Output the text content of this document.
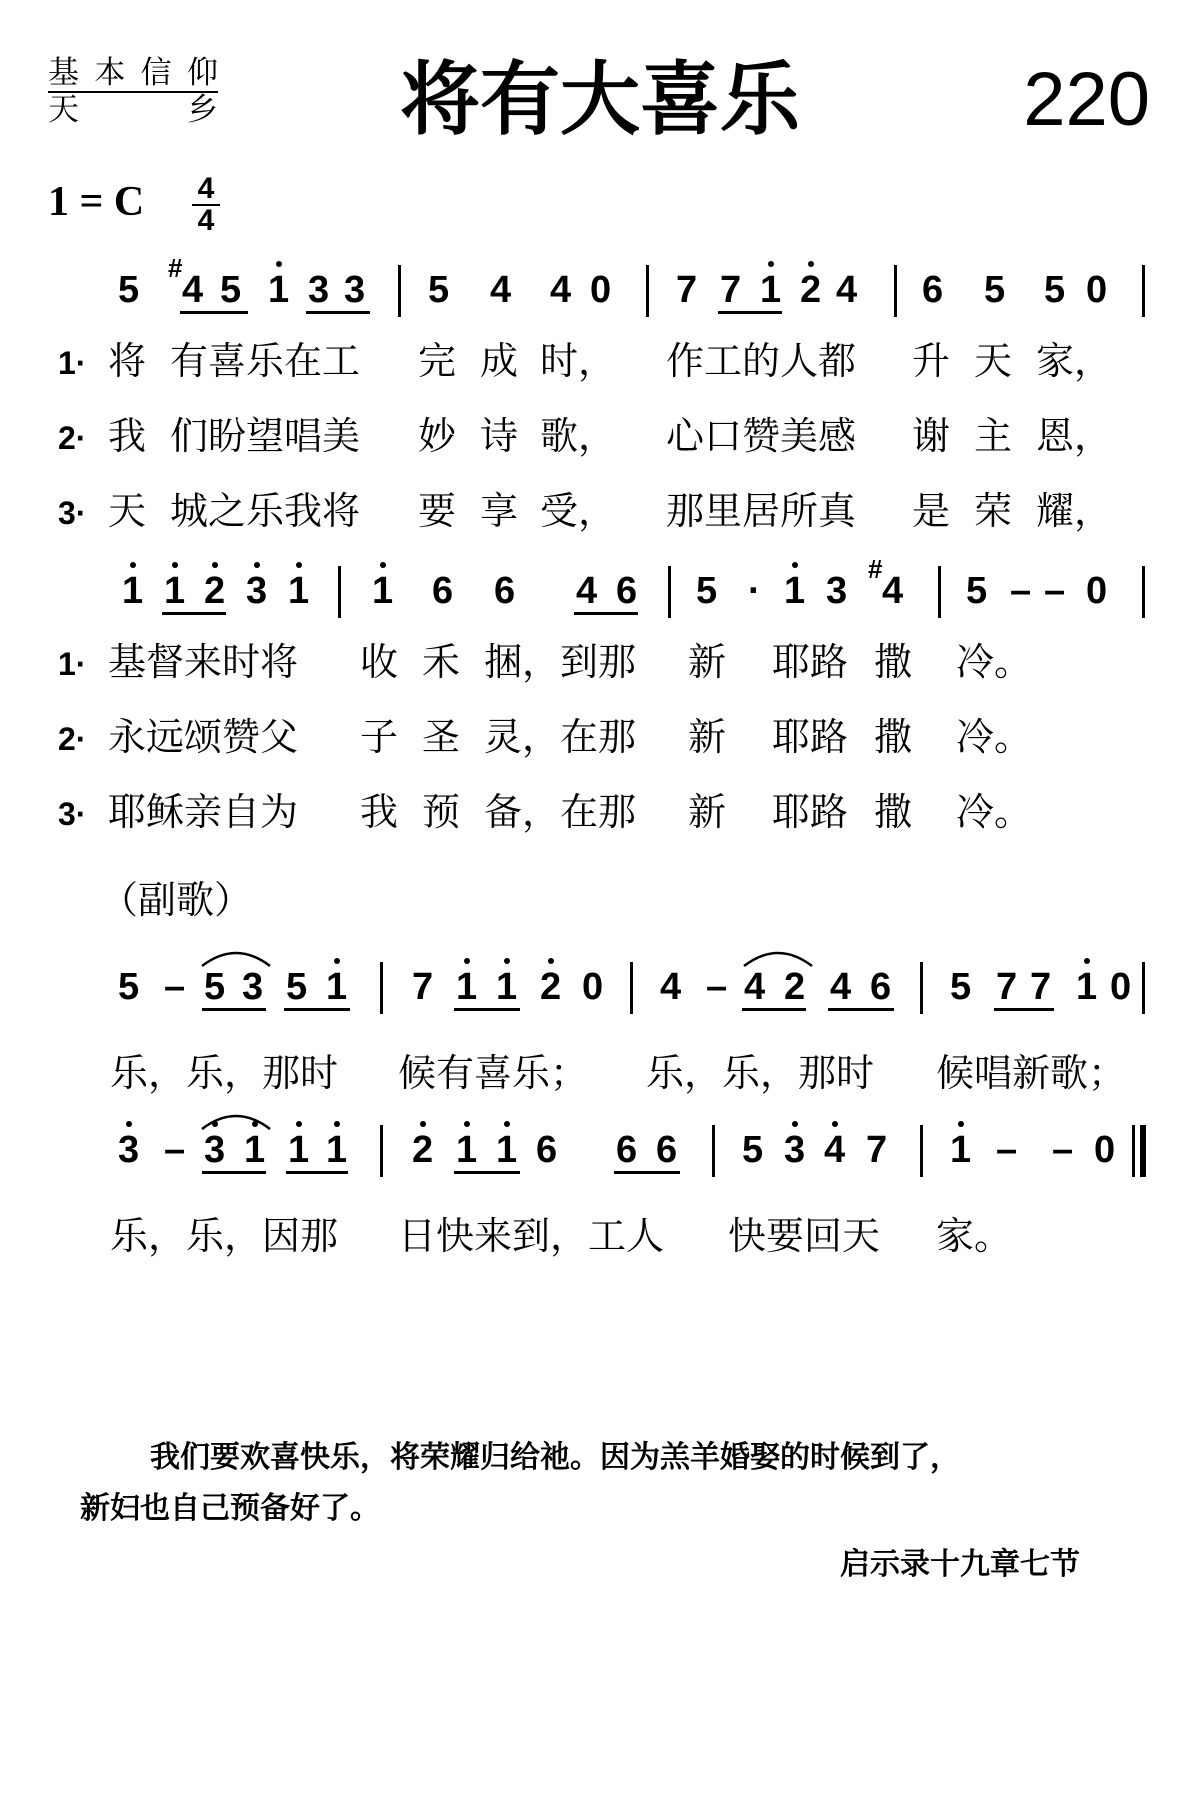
基 本 信 仰
天	乡 将有大喜乐	220
1 = C $\frac{4}{4}$
5
#
4 5 1 3 3 5 4 4 0 7 7 1 2 4 6 5 5 0
1· 将 有喜乐在工 完 成 时， 作工的人都 升 天 家，
2· 我 们盼望唱美 妙 诗 歌， 心口赞美感 谢 主 恩，
3· 天 城之乐我将 要 享 受， 那里居所真 是 荣 耀，
1 1 2 3 1 1 6 6 4 6 5 · 1 3
#
4 5 – – 0
1· 基督来时将 收 禾 捆，到那 新 耶路 撒 冷。
2· 永远颂赞父 子 圣 灵，在那 新 耶路 撒 冷。
3· 耶稣亲自为 我 预 备，在那 新 耶路 撒 冷。
（副歌）
5 – 5 3 5 1 7 1 1 2 0 4 – 4 2 4 6 5 7 7 1 0
乐，乐，那时 候有喜乐； 乐，乐，那时 候唱新歌；
3 – 3 1 1 1 2 1 1 6 6 6 5 3 4 7 1 – – 0
乐，乐，因那 日快来到，工人 快要回天 家。
我们要欢喜快乐，将荣耀归给祂。因为羔羊婚娶的时候到了，
新妇也自己预备好了。
启示录十九章七节
